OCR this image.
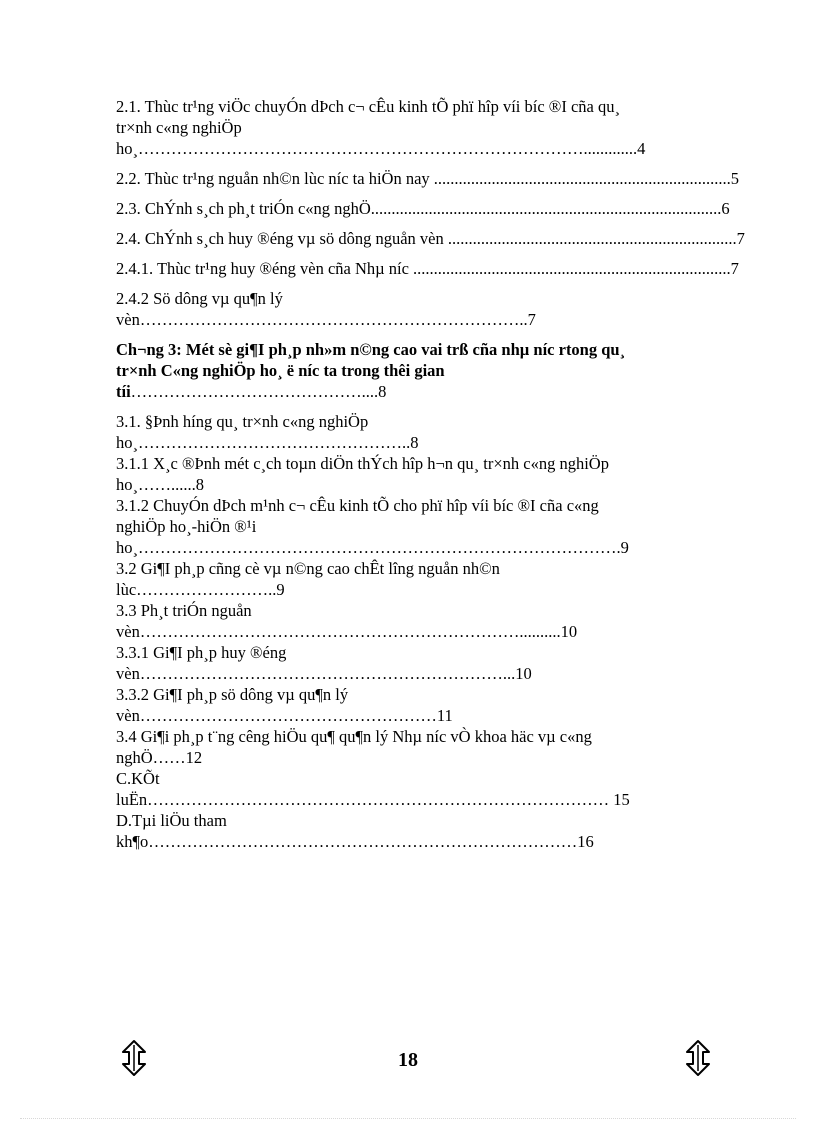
2.1. Thùc tr¹ng viÖc chuyÓn dÞch c¬ cÊu kinh tÕ phï hîp víi bíc ®I cña qu¸
tr×nh c«ng nghiÖp
ho¸……………………………………………………………………….............4
2.2. Thùc tr¹ng nguån nh©n lùc níc ta hiÖn nay ........................................................................5
2.3. ChÝnh s¸ch ph¸t triÓn c«ng nghÖ.....................................................................................6
2.4. ChÝnh s¸ch huy ®éng vµ sö dông nguån vèn ......................................................................7
2.4.1. Thùc tr¹ng huy ®éng vèn cña Nhµ níc .............................................................................7
2.4.2 Sö dông vµ qu¶n lý
vèn……………………………………………………………..7
Ch¬ng 3: Mét sè gi¶I ph¸p nh»m n©ng cao vai trß cña nhµ níc rtong qu¸
tr×nh C«ng nghiÖp ho¸ ë níc ta trong thêi gian
tíi……………………………………....8
3.1. §Þnh híng qu¸ tr×nh c«ng nghiÖp
ho¸…………………………………………..8
3.1.1 X¸c ®Þnh mét c¸ch toµn diÖn thÝch hîp h¬n qu¸ tr×nh c«ng nghiÖp
ho¸……......8
3.1.2 ChuyÓn dÞch m¹nh c¬ cÊu kinh tÕ cho phï hîp víi bíc ®I cña c«ng
nghiÖp ho¸-hiÖn ®¹i
ho¸…………………………………………………………………………….9
3.2 Gi¶I ph¸p cñng cè vµ n©ng cao chÊt lîng nguån nh©n
lùc……………………..9
3.3 Ph¸t triÓn nguån
vèn……………………………………………………………..........10
3.3.1 Gi¶I ph¸p huy ®éng
vèn…………………………………………………………...10
3.3.2 Gi¶I ph¸p sö dông vµ qu¶n lý
vèn………………………………………………11
3.4 Gi¶i ph¸p t¨ng cêng hiÖu qu¶ qu¶n lý Nhµ níc vÒ khoa häc vµ c«ng
nghÖ……12
C.KÕt
luËn………………………………………………………………………… 15
D.Tµi liÖu tham
kh¶o……………………………………………………………………16
18
